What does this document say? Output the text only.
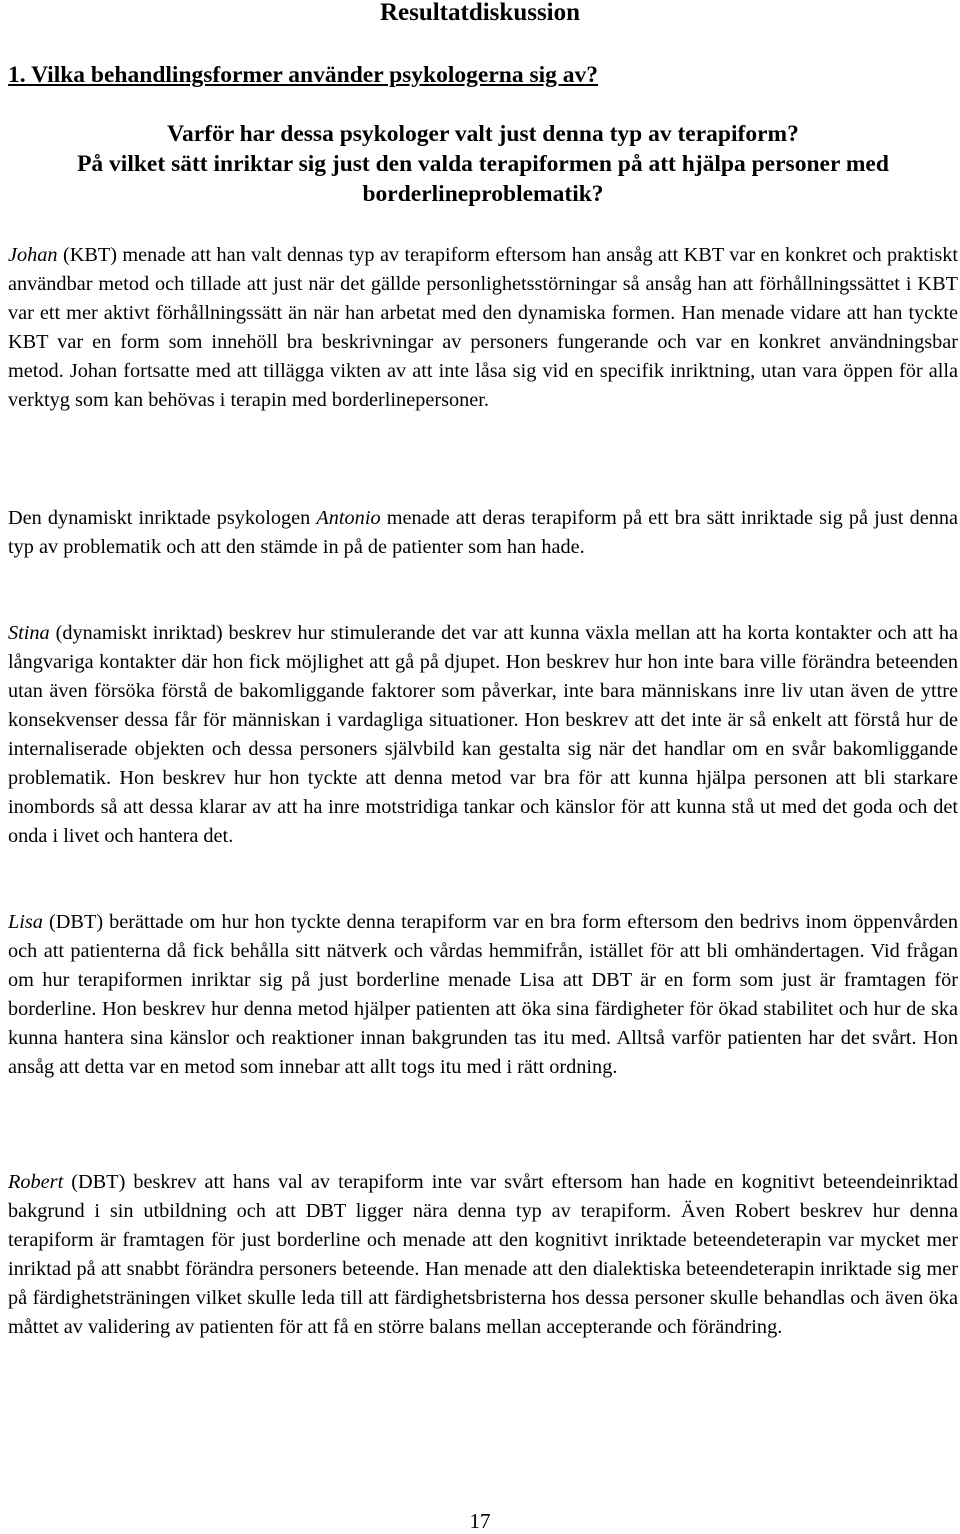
Resultatdiskussion

1. Vilka behandlingsformer använder psykologerna sig av?

Varför har dessa psykologer valt just denna typ av terapiform?
På vilket sätt inriktar sig just den valda terapiformen på att hjälpa personer med borderlineproblematik?

Johan (KBT) menade att han valt dennas typ av terapiform eftersom han ansåg att KBT var en konkret och praktiskt användbar metod och tillade att just när det gällde personlighetsstörningar så ansåg han att förhållningssättet i KBT var ett mer aktivt förhållningssätt än när han arbetat med den dynamiska formen. Han menade vidare att han tyckte KBT var en form som innehöll bra beskrivningar av personers fungerande och var en konkret användningsbar metod. Johan fortsatte med att tillägga vikten av att inte låsa sig vid en specifik inriktning, utan vara öppen för alla verktyg som kan behövas i terapin med borderlinepersoner.

Den dynamiskt inriktade psykologen Antonio menade att deras terapiform på ett bra sätt inriktade sig på just denna typ av problematik och att den stämde in på de patienter som han hade.

Stina (dynamiskt inriktad) beskrev hur stimulerande det var att kunna växla mellan att ha korta kontakter och att ha långvariga kontakter där hon fick möjlighet att gå på djupet. Hon beskrev hur hon inte bara ville förändra beteenden utan även försöka förstå de bakomliggande faktorer som påverkar, inte bara människans inre liv utan även de yttre konsekvenser dessa får för människan i vardagliga situationer. Hon beskrev att det inte är så enkelt att förstå hur de internaliserade objekten och dessa personers självbild kan gestalta sig när det handlar om en svår bakomliggande problematik. Hon beskrev hur hon tyckte att denna metod var bra för att kunna hjälpa personen att bli starkare inombords så att dessa klarar av att ha inre motstridiga tankar och känslor för att kunna stå ut med det goda och det onda i livet och hantera det.

Lisa (DBT) berättade om hur hon tyckte denna terapiform var en bra form eftersom den bedrivs inom öppenvården och att patienterna då fick behålla sitt nätverk och vårdas hemmifrån, istället för att bli omhändertagen. Vid frågan om hur terapiformen inriktar sig på just borderline menade Lisa att DBT är en form som just är framtagen för borderline. Hon beskrev hur denna metod hjälper patienten att öka sina färdigheter för ökad stabilitet och hur de ska kunna hantera sina känslor och reaktioner innan bakgrunden tas itu med. Alltså varför patienten har det svårt. Hon ansåg att detta var en metod som innebar att allt togs itu med i rätt ordning.

Robert (DBT) beskrev att hans val av terapiform inte var svårt eftersom han hade en kognitivt beteendeinriktad bakgrund i sin utbildning och att DBT ligger nära denna typ av terapiform. Även Robert beskrev hur denna terapiform är framtagen för just borderline och menade att den kognitivt inriktade beteendeterapin var mycket mer inriktad på att snabbt förändra personers beteende. Han menade att den dialektiska beteendeterapin inriktade sig mer på färdighetsträningen vilket skulle leda till att färdighetsbristerna hos dessa personer skulle behandlas och även öka måttet av validering av patienten för att få en större balans mellan accepterande och förändring.

17
